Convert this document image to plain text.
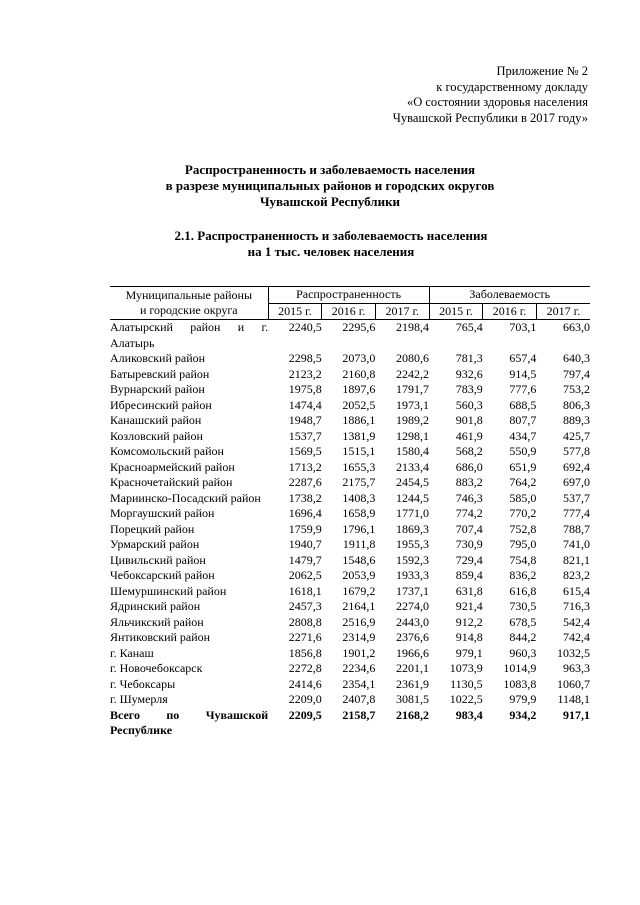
Приложение № 2
к государственному докладу
«О состоянии здоровья населения
Чувашской Республики в 2017 году»
Распространенность и заболеваемость населения
в разрезе муниципальных районов и городских округов
Чувашской Республики
2.1. Распространенность и заболеваемость населения
на 1 тыс. человек населения
Муниципальные районы
и городские округа	Распространенность			Заболеваемость		
	2015 г.	2016 г.	2017 г.	2015 г.	2016 г.	2017 г.
Алатырский район и г. Алатырь	2240,5	2295,6	2198,4	765,4	703,1	663,0
Аликовский район	2298,5	2073,0	2080,6	781,3	657,4	640,3
Батыревский район	2123,2	2160,8	2242,2	932,6	914,5	797,4
Вурнарский район	1975,8	1897,6	1791,7	783,9	777,6	753,2
Ибресинский район	1474,4	2052,5	1973,1	560,3	688,5	806,3
Канашский район	1948,7	1886,1	1989,2	901,8	807,7	889,3
Козловский район	1537,7	1381,9	1298,1	461,9	434,7	425,7
Комсомольский район	1569,5	1515,1	1580,4	568,2	550,9	577,8
Красноармейский район	1713,2	1655,3	2133,4	686,0	651,9	692,4
Красночетайский район	2287,6	2175,7	2454,5	883,2	764,2	697,0
Мариинско-Посадский район	1738,2	1408,3	1244,5	746,3	585,0	537,7
Моргаушский район	1696,4	1658,9	1771,0	774,2	770,2	777,4
Порецкий район	1759,9	1796,1	1869,3	707,4	752,8	788,7
Урмарский район	1940,7	1911,8	1955,3	730,9	795,0	741,0
Цивильский район	1479,7	1548,6	1592,3	729,4	754,8	821,1
Чебоксарский район	2062,5	2053,9	1933,3	859,4	836,2	823,2
Шемуршинский район	1618,1	1679,2	1737,1	631,8	616,8	615,4
Ядринский район	2457,3	2164,1	2274,0	921,4	730,5	716,3
Яльчикский район	2808,8	2516,9	2443,0	912,2	678,5	542,4
Янтиковский район	2271,6	2314,9	2376,6	914,8	844,2	742,4
г. Канаш	1856,8	1901,2	1966,6	979,1	960,3	1032,5
г. Новочебоксарск	2272,8	2234,6	2201,1	1073,9	1014,9	963,3
г. Чебоксары	2414,6	2354,1	2361,9	1130,5	1083,8	1060,7
г. Шумерля	2209,0	2407,8	3081,5	1022,5	979,9	1148,1
Всего по Чувашской Республике	2209,5	2158,7	2168,2	983,4	934,2	917,1
